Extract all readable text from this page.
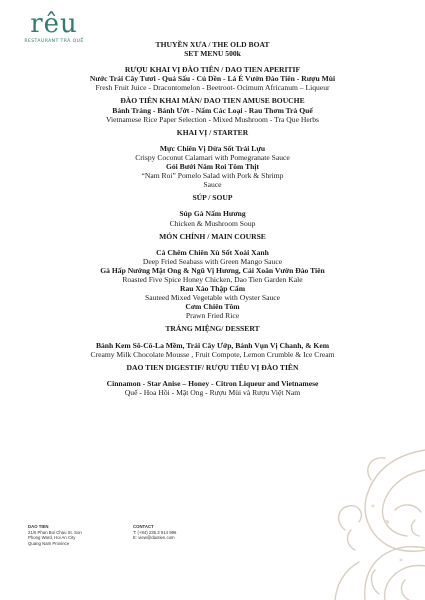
rêu
RESTAURANT TRÀ QUẾ	THUYỀN XƯA / THE OLD BOAT
SET MENU 500k
RƯỢU KHAI VỊ ĐÀO TIÊN / DAO TIEN APERITIF
Nước Trái Cây Tươi - Quả Sấu - Củ Dền - Lá É Vườn Đào Tiên - Rượu Mùi
Fresh Fruit Juice - Dracontomelon - Beetroot- Ocimum Africanum – Liqueur
ĐÀO TIÊN KHAI MÀN/ DAO TIEN AMUSE BOUCHE
Bánh Tráng - Bánh Ướt - Nấm Các Loại - Rau Thơm Trà Quế
Vietnamese Rice Paper Selection - Mixed Mushroom - Tra Que Herbs
KHAI VỊ / STARTER
Mực Chiên Vị Dừa Sốt Trái Lựu
Crispy Coconut Calamari with Pomegranate Sauce
Gỏi Bưởi Năm Roi Tôm Thịt
“Nam Roi” Pomelo Salad with Pork & Shrimp
Sauce
SÚP / SOUP
Súp Gà Nấm Hương
Chicken & Mushroom Soup
MÓN CHÍNH / MAIN COURSE
Cá Chẽm Chiên Xù Sốt Xoài Xanh
Deep Fried Seabass with Green Mango Sauce
Gà Hấp Nướng Mật Ong & Ngũ Vị Hương, Cải Xoăn Vườn Đào Tiên
Roasted Five Spice Honey Chicken, Dao Tien Garden Kale
Rau Xào Thập Cẩm
Sauteed Mixed Vegetable with Oyster Sauce
Cơm Chiên Tôm
Prawn Fried Rice
TRÁNG MIỆNG/ DESSERT
Bánh Kem Sô-Cô-La Mềm, Trái Cây Ướp, Bánh Vụn Vị Chanh, & Kem
Creamy Milk Chocolate Mousse , Fruit Compote, Lemon Crumble & Ice Cream
DAO TIEN DIGESTIF/ RƯỢU TIÊU VỊ ĐÀO TIÊN
Cinnamon - Star Anise – Honey - Citron Liqueur and Vietnamese
Quế - Hoa Hồi - Mật Ong - Rượu Mùi và Rượu Việt Nam
DAO TIEN
21/5 Phan Boi Chau St. Son
Phong Ward, Hoi An City
Quang Nam Province
CONTACT
T: (+84) 235.3 914 996
E: view@daotien.com
